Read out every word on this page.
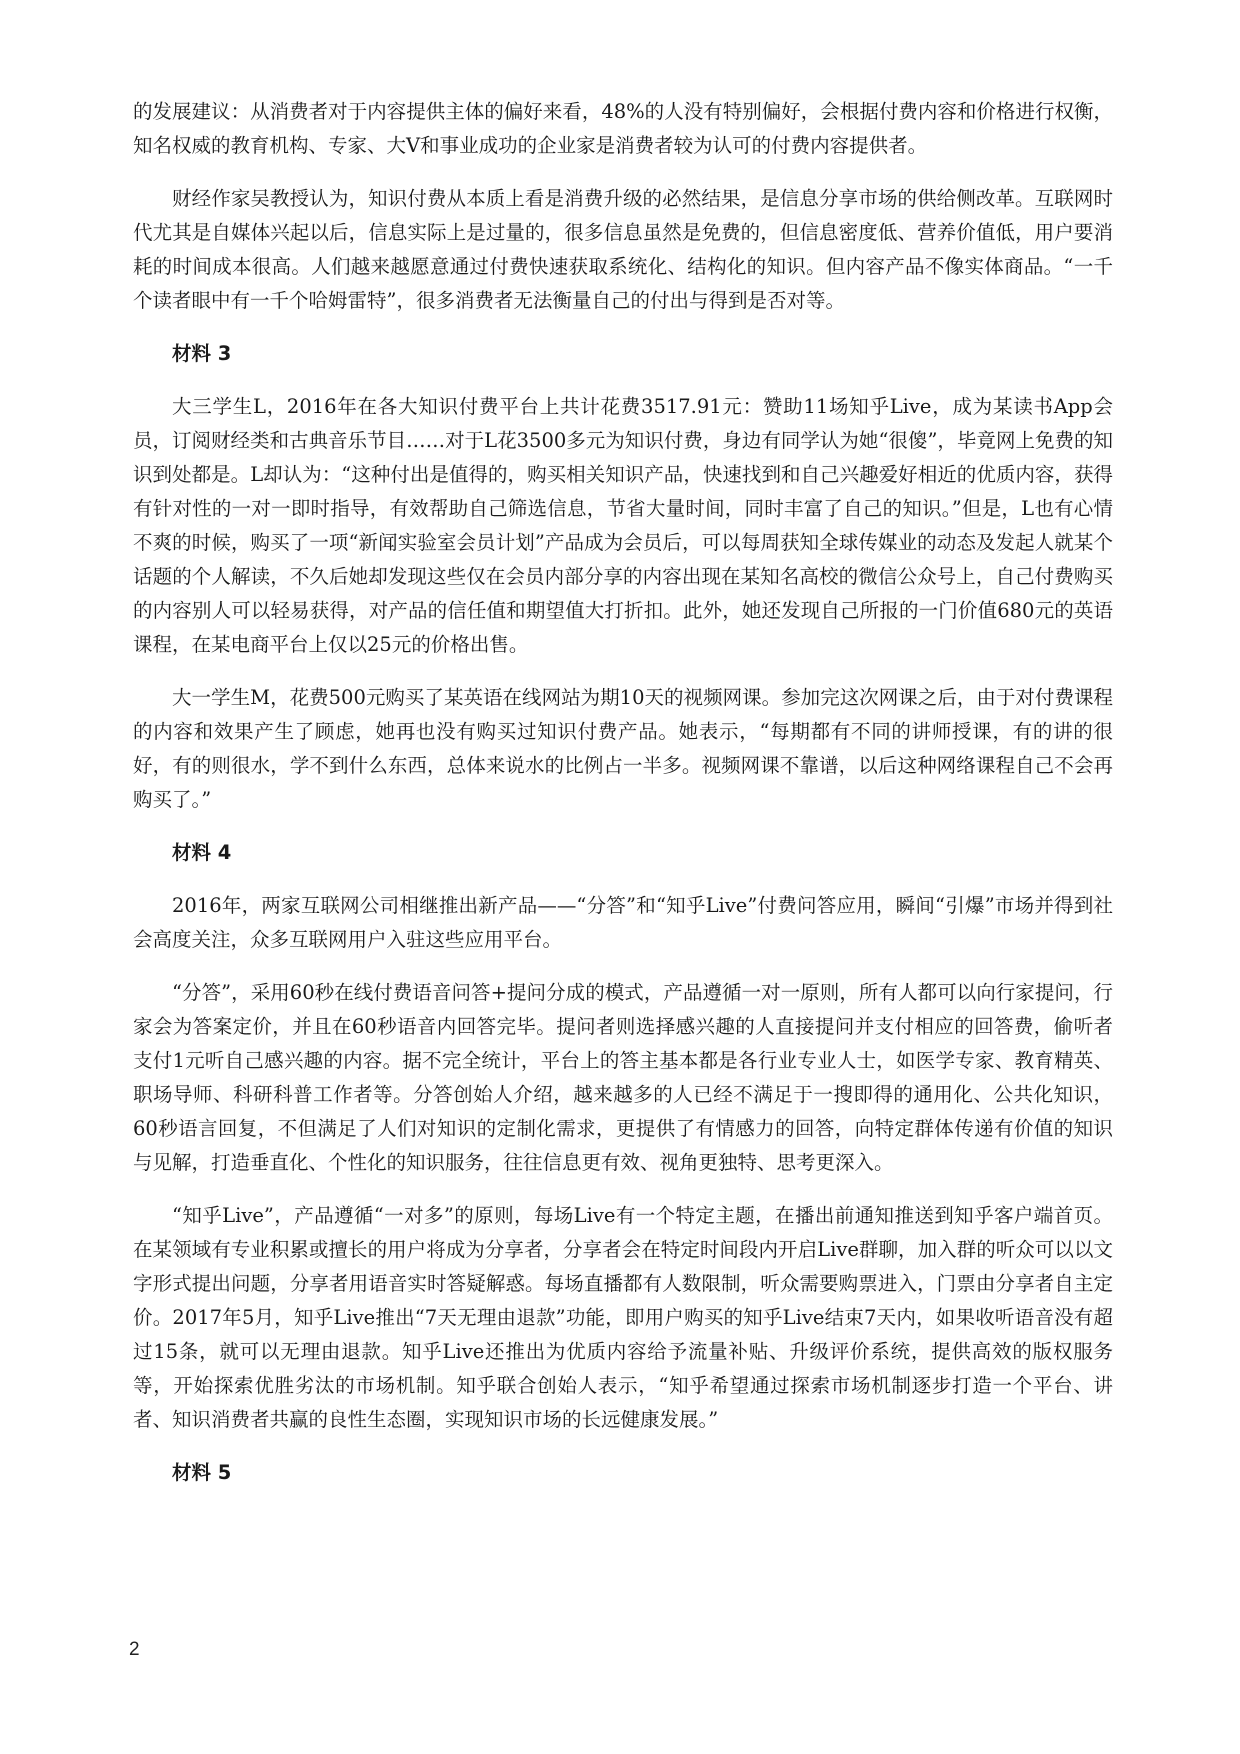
的发展建议：从消费者对于内容提供主体的偏好来看，48%的人没有特别偏好，会根据付费内容和价格进行权衡，知名权威的教育机构、专家、大V和事业成功的企业家是消费者较为认可的付费内容提供者。

财经作家吴教授认为，知识付费从本质上看是消费升级的必然结果，是信息分享市场的供给侧改革。互联网时代尤其是自媒体兴起以后，信息实际上是过量的，很多信息虽然是免费的，但信息密度低、营养价值低，用户要消耗的时间成本很高。人们越来越愿意通过付费快速获取系统化、结构化的知识。但内容产品不像实体商品。“一千个读者眼中有一千个哈姆雷特”，很多消费者无法衡量自己的付出与得到是否对等。

材料 3

大三学生L，2016年在各大知识付费平台上共计花费3517.91元：赞助11场知乎Live，成为某读书App会员，订阅财经类和古典音乐节目……对于L花3500多元为知识付费，身边有同学认为她“很傻”，毕竟网上免费的知识到处都是。L却认为：“这种付出是值得的，购买相关知识产品，快速找到和自己兴趣爱好相近的优质内容，获得有针对性的一对一即时指导，有效帮助自己筛选信息，节省大量时间，同时丰富了自己的知识。”但是，L也有心情不爽的时候，购买了一项“新闻实验室会员计划”产品成为会员后，可以每周获知全球传媒业的动态及发起人就某个话题的个人解读，不久后她却发现这些仅在会员内部分享的内容出现在某知名高校的微信公众号上，自己付费购买的内容别人可以轻易获得，对产品的信任值和期望值大打折扣。此外，她还发现自己所报的一门价值680元的英语课程，在某电商平台上仅以25元的价格出售。

大一学生M，花费500元购买了某英语在线网站为期10天的视频网课。参加完这次网课之后，由于对付费课程的内容和效果产生了顾虑，她再也没有购买过知识付费产品。她表示，“每期都有不同的讲师授课，有的讲的很好，有的则很水，学不到什么东西，总体来说水的比例占一半多。视频网课不靠谱，以后这种网络课程自己不会再购买了。”

材料 4

2016年，两家互联网公司相继推出新产品——“分答”和“知乎Live”付费问答应用，瞬间“引爆”市场并得到社会高度关注，众多互联网用户入驻这些应用平台。

“分答”，采用60秒在线付费语音问答+提问分成的模式，产品遵循一对一原则，所有人都可以向行家提问，行家会为答案定价，并且在60秒语音内回答完毕。提问者则选择感兴趣的人直接提问并支付相应的回答费，偷听者支付1元听自己感兴趣的内容。据不完全统计，平台上的答主基本都是各行业专业人士，如医学专家、教育精英、职场导师、科研科普工作者等。分答创始人介绍，越来越多的人已经不满足于一搜即得的通用化、公共化知识，60秒语言回复，不但满足了人们对知识的定制化需求，更提供了有情感力的回答，向特定群体传递有价值的知识与见解，打造垂直化、个性化的知识服务，往往信息更有效、视角更独特、思考更深入。

“知乎Live”，产品遵循“一对多”的原则，每场Live有一个特定主题，在播出前通知推送到知乎客户端首页。在某领域有专业积累或擅长的用户将成为分享者，分享者会在特定时间段内开启Live群聊，加入群的听众可以以文字形式提出问题，分享者用语音实时答疑解惑。每场直播都有人数限制，听众需要购票进入，门票由分享者自主定价。2017年5月，知乎Live推出“7天无理由退款”功能，即用户购买的知乎Live结束7天内，如果收听语音没有超过15条，就可以无理由退款。知乎Live还推出为优质内容给予流量补贴、升级评价系统，提供高效的版权服务等，开始探索优胜劣汰的市场机制。知乎联合创始人表示，“知乎希望通过探索市场机制逐步打造一个平台、讲者、知识消费者共赢的良性生态圈，实现知识市场的长远健康发展。”

材料 5
2
